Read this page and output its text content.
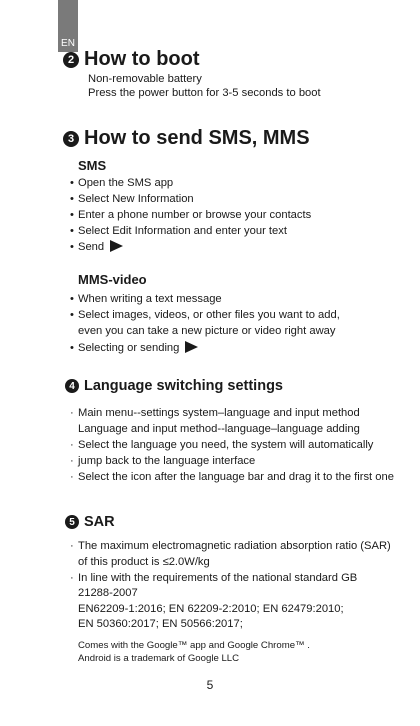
EN
2 How to boot
Non-removable battery
Press the power button for 3-5 seconds to boot
3 How to send SMS, MMS
SMS
• Open the SMS app
• Select New Information
• Enter a phone number or browse your contacts
• Select Edit Information and enter your text
• Send
MMS-video
• When writing a text message
• Select images, videos, or other files you want to add,
even you can take a new picture or video right away
• Selecting or sending
4 Language switching settings
· Main menu--settings system–language and input method
Language and input method--language–language adding
· Select the language you need, the system will automatically
· jump back to the language interface
· Select the icon after the language bar and drag it to the first one
5 SAR
· The maximum electromagnetic radiation absorption ratio (SAR)
of this product is ≤2.0W/kg
· In line with the requirements of the national standard GB
21288-2007
EN62209-1:2016; EN 62209-2:2010; EN 62479:2010;
EN 50360:2017; EN 50566:2017;
Comes with the Google™ app and Google Chrome™ .
Android is a trademark of Google LLC
5
